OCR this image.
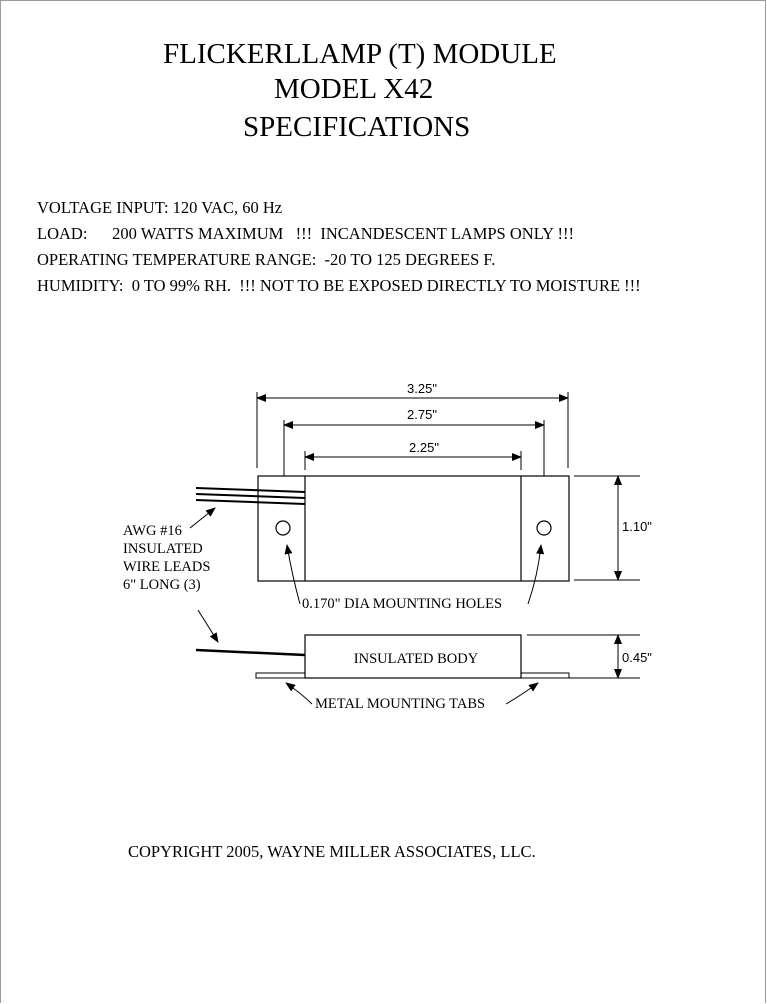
FLICKERLLAMP (T) MODULE
MODEL X42
SPECIFICATIONS
VOLTAGE INPUT: 120 VAC, 60 Hz
LOAD:      200 WATTS MAXIMUM   !!!  INCANDESCENT LAMPS ONLY !!!
OPERATING TEMPERATURE RANGE:  -20 TO 125 DEGREES F.
HUMIDITY:  0 TO 99% RH.  !!! NOT TO BE EXPOSED DIRECTLY TO MOISTURE !!!
3.25"
2.75"
2.25"
1.10"
0.45"
INSULATED BODY
AWG #16
INSULATED
WIRE LEADS
6" LONG (3)
0.170" DIA MOUNTING HOLES
METAL MOUNTING TABS
COPYRIGHT 2005, WAYNE MILLER ASSOCIATES, LLC.
